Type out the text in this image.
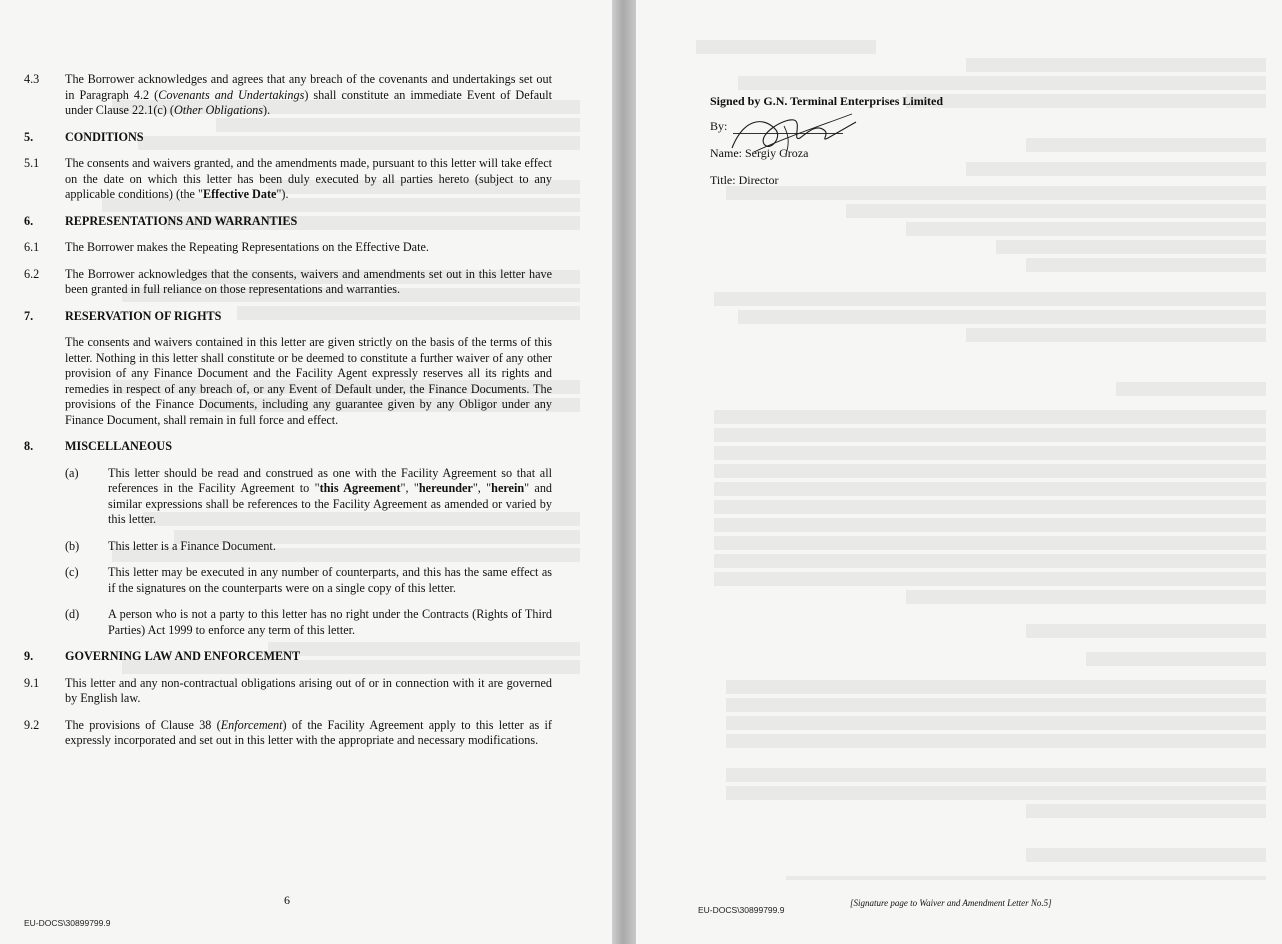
4.3	The Borrower acknowledges and agrees that any breach of the covenants and undertakings set out in Paragraph 4.2 (Covenants and Undertakings) shall constitute an immediate Event of Default under Clause 22.1(c) (Other Obligations).
5.	CONDITIONS
5.1	The consents and waivers granted, and the amendments made, pursuant to this letter will take effect on the date on which this letter has been duly executed by all parties hereto (subject to any applicable conditions) (the "Effective Date").
6.	REPRESENTATIONS AND WARRANTIES
6.1	The Borrower makes the Repeating Representations on the Effective Date.
6.2	The Borrower acknowledges that the consents, waivers and amendments set out in this letter have been granted in full reliance on those representations and warranties.
7.	RESERVATION OF RIGHTS
The consents and waivers contained in this letter are given strictly on the basis of the terms of this letter. Nothing in this letter shall constitute or be deemed to constitute a further waiver of any other provision of any Finance Document and the Facility Agent expressly reserves all its rights and remedies in respect of any breach of, or any Event of Default under, the Finance Documents. The provisions of the Finance Documents, including any guarantee given by any Obligor under any Finance Document, shall remain in full force and effect.
8.	MISCELLANEOUS
(a)	This letter should be read and construed as one with the Facility Agreement so that all references in the Facility Agreement to "this Agreement", "hereunder", "herein" and similar expressions shall be references to the Facility Agreement as amended or varied by this letter.
(b)	This letter is a Finance Document.
(c)	This letter may be executed in any number of counterparts, and this has the same effect as if the signatures on the counterparts were on a single copy of this letter.
(d)	A person who is not a party to this letter has no right under the Contracts (Rights of Third Parties) Act 1999 to enforce any term of this letter.
9.	GOVERNING LAW AND ENFORCEMENT
9.1	This letter and any non-contractual obligations arising out of or in connection with it are governed by English law.
9.2	The provisions of Clause 38 (Enforcement) of the Facility Agreement apply to this letter as if expressly incorporated and set out in this letter with the appropriate and necessary modifications.
6
EU-DOCS\30899799.9
Signed by G.N. Terminal Enterprises Limited
By:
Name: Sergiy Groza
Title: Director
EU-DOCS\30899799.9
[Signature page to Waiver and Amendment Letter No.5]
